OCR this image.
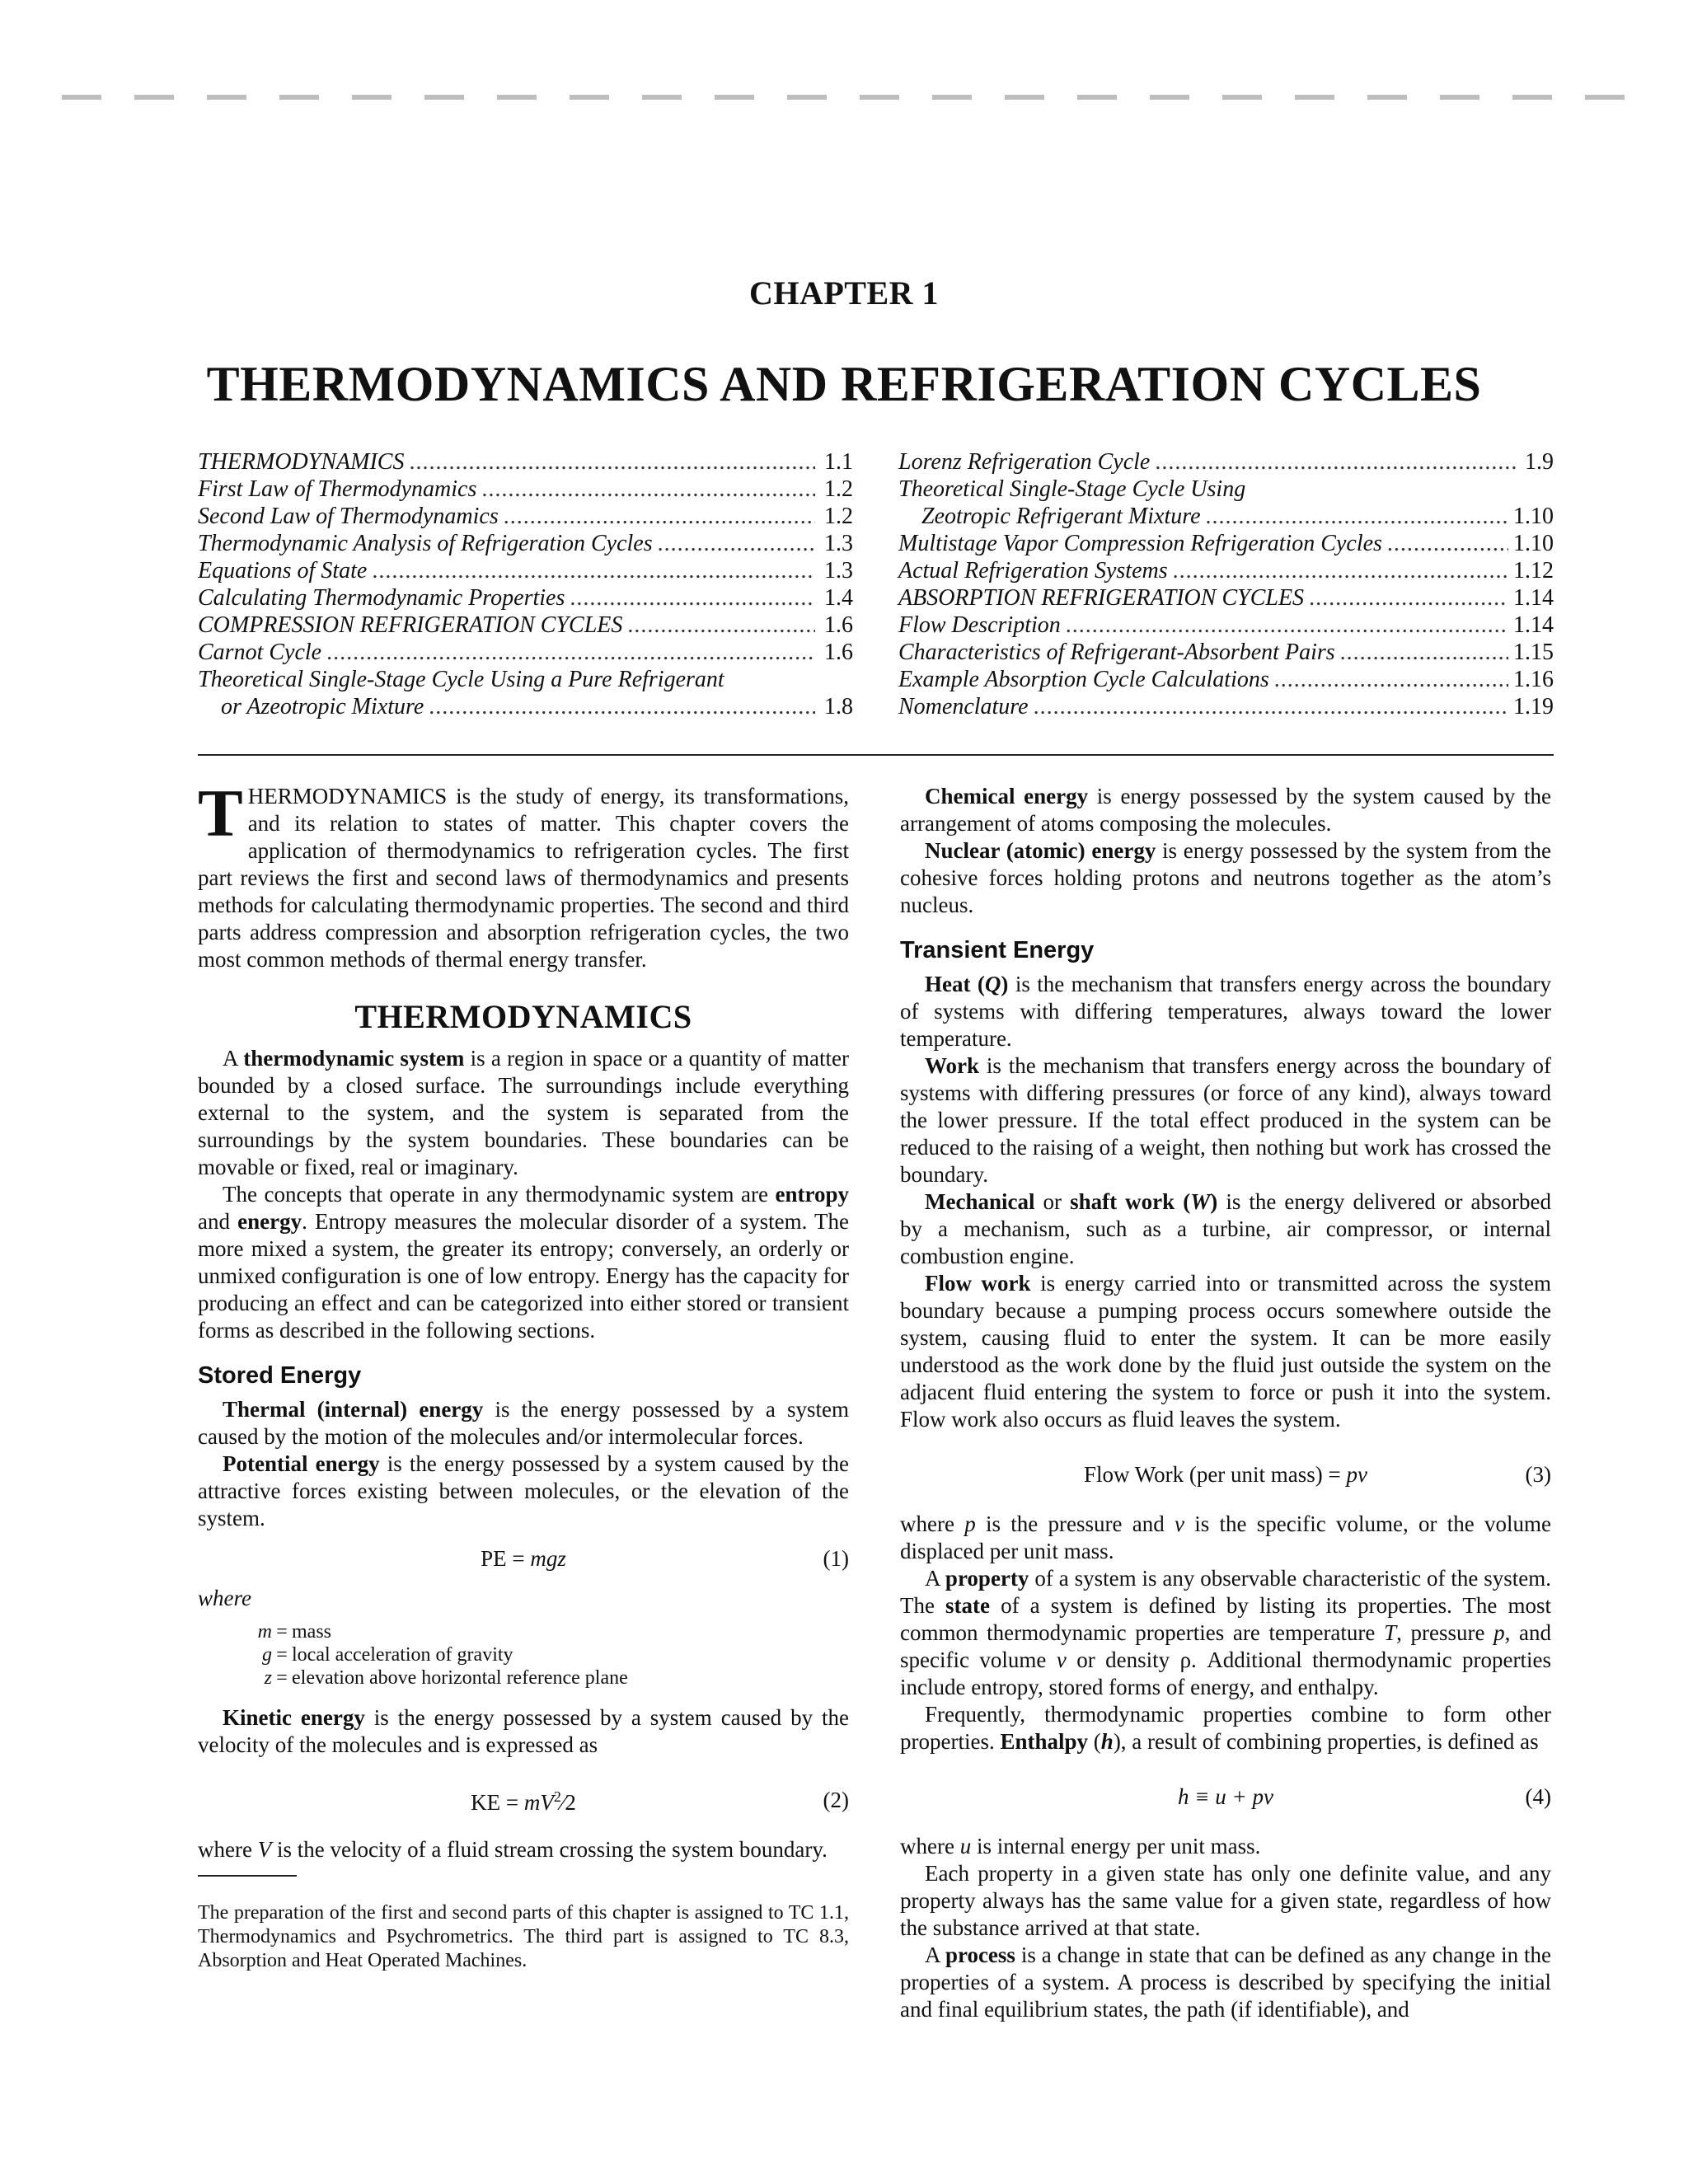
CHAPTER 1
THERMODYNAMICS AND REFRIGERATION CYCLES
THERMODYNAMICS .....	1.1
First Law of Thermodynamics .....	1.2
Second Law of Thermodynamics .....	1.2
Thermodynamic Analysis of Refrigeration Cycles .....	1.3
Equations of State .....	1.3
Calculating Thermodynamic Properties .....	1.4
COMPRESSION REFRIGERATION CYCLES .....	1.6
Carnot Cycle .....	1.6
Theoretical Single-Stage Cycle Using a Pure Refrigerant
or Azeotropic Mixture .....	1.8
Lorenz Refrigeration Cycle .....	1.9
Theoretical Single-Stage Cycle Using
Zeotropic Refrigerant Mixture .....	1.10
Multistage Vapor Compression Refrigeration Cycles .....	1.10
Actual Refrigeration Systems .....	1.12
ABSORPTION REFRIGERATION CYCLES .....	1.14
Flow Description .....	1.14
Characteristics of Refrigerant-Absorbent Pairs .....	1.15
Example Absorption Cycle Calculations .....	1.16
Nomenclature .....	1.19

THERMODYNAMICS is the study of energy, its transformations, and its relation to states of matter. This chapter covers the application of thermodynamics to refrigeration cycles. The first part reviews the first and second laws of thermodynamics and presents methods for calculating thermodynamic properties. The second and third parts address compression and absorption refrigeration cycles, the two most common methods of thermal energy transfer.

THERMODYNAMICS

A thermodynamic system is a region in space or a quantity of matter bounded by a closed surface. The surroundings include everything external to the system, and the system is separated from the surroundings by the system boundaries. These boundaries can be movable or fixed, real or imaginary.

The concepts that operate in any thermodynamic system are entropy and energy. Entropy measures the molecular disorder of a system. The more mixed a system, the greater its entropy; conversely, an orderly or unmixed configuration is one of low entropy. Energy has the capacity for producing an effect and can be categorized into either stored or transient forms as described in the following sections.

Stored Energy

Thermal (internal) energy is the energy possessed by a system caused by the motion of the molecules and/or intermolecular forces.

Potential energy is the energy possessed by a system caused by the attractive forces existing between molecules, or the elevation of the system.

PE = mgz	(1)
where
m = mass
g = local acceleration of gravity
z = elevation above horizontal reference plane

Kinetic energy is the energy possessed by a system caused by the velocity of the molecules and is expressed as

KE = $mV^2⁄2$	(2)

where V is the velocity of a fluid stream crossing the system boundary.

The preparation of the first and second parts of this chapter is assigned to TC 1.1, Thermodynamics and Psychrometrics. The third part is assigned to TC 8.3, Absorption and Heat Operated Machines.

Chemical energy is energy possessed by the system caused by the arrangement of atoms composing the molecules.

Nuclear (atomic) energy is energy possessed by the system from the cohesive forces holding protons and neutrons together as the atom’s nucleus.

Transient Energy

Heat (Q) is the mechanism that transfers energy across the boundary of systems with differing temperatures, always toward the lower temperature.

Work is the mechanism that transfers energy across the boundary of systems with differing pressures (or force of any kind), always toward the lower pressure. If the total effect produced in the system can be reduced to the raising of a weight, then nothing but work has crossed the boundary.

Mechanical or shaft work (W) is the energy delivered or absorbed by a mechanism, such as a turbine, air compressor, or internal combustion engine.

Flow work is energy carried into or transmitted across the system boundary because a pumping process occurs somewhere outside the system, causing fluid to enter the system. It can be more easily understood as the work done by the fluid just outside the system on the adjacent fluid entering the system to force or push it into the system. Flow work also occurs as fluid leaves the system.

Flow Work (per unit mass) = pv	(3)

where p is the pressure and v is the specific volume, or the volume displaced per unit mass.

A property of a system is any observable characteristic of the system. The state of a system is defined by listing its properties. The most common thermodynamic properties are temperature T, pressure p, and specific volume v or density ρ. Additional thermodynamic properties include entropy, stored forms of energy, and enthalpy.

Frequently, thermodynamic properties combine to form other properties. Enthalpy (h), a result of combining properties, is defined as

h ≡ u + pv	(4)

where u is internal energy per unit mass.

Each property in a given state has only one definite value, and any property always has the same value for a given state, regardless of how the substance arrived at that state.

A process is a change in state that can be defined as any change in the properties of a system. A process is described by specifying the initial and final equilibrium states, the path (if identifiable), and
